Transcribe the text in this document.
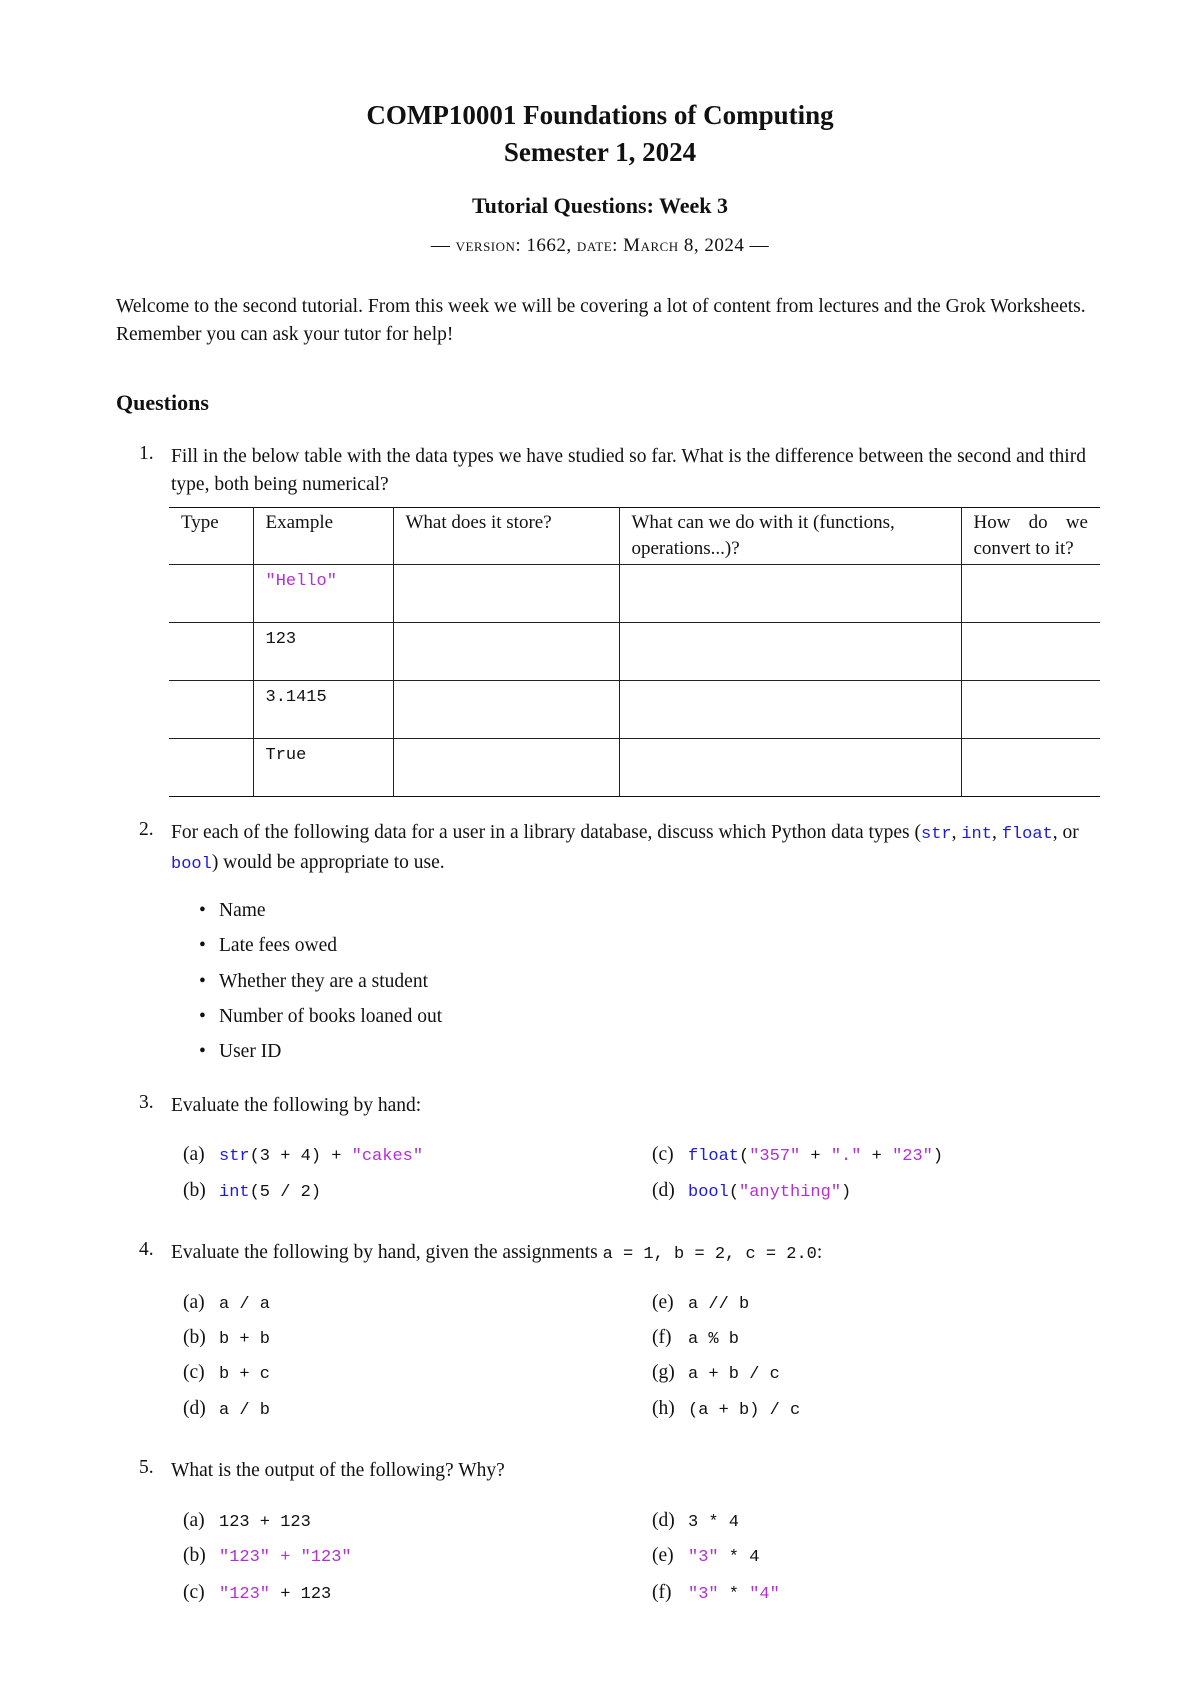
COMP10001 Foundations of Computing
Semester 1, 2024
Tutorial Questions: Week 3
— version: 1662, date: March 8, 2024 —
Welcome to the second tutorial. From this week we will be covering a lot of content from lectures and the Grok Worksheets. Remember you can ask your tutor for help!
Questions
1. Fill in the below table with the data types we have studied so far. What is the difference between the second and third type, both being numerical?
Type	Example	What does it store?	What can we do with it (functions, operations...)?	How do we convert to it?
	"Hello"			
	123			
	3.1415			
	True			
2. For each of the following data for a user in a library database, discuss which Python data types (str, int, float, or bool) would be appropriate to use.
• Name
• Late fees owed
• Whether they are a student
• Number of books loaned out
• User ID
3. Evaluate the following by hand:
(a) str(3 + 4) + "cakes"
(b) int(5 / 2)
(c) float("357" + "." + "23")
(d) bool("anything")
4. Evaluate the following by hand, given the assignments a = 1, b = 2, c = 2.0:
(a) a / a
(b) b + b
(c) b + c
(d) a / b
(e) a // b
(f) a % b
(g) a + b / c
(h) (a + b) / c
5. What is the output of the following? Why?
(a) 123 + 123
(b) "123" + "123"
(c) "123" + 123
(d) 3 * 4
(e) "3" * 4
(f) "3" * "4"
